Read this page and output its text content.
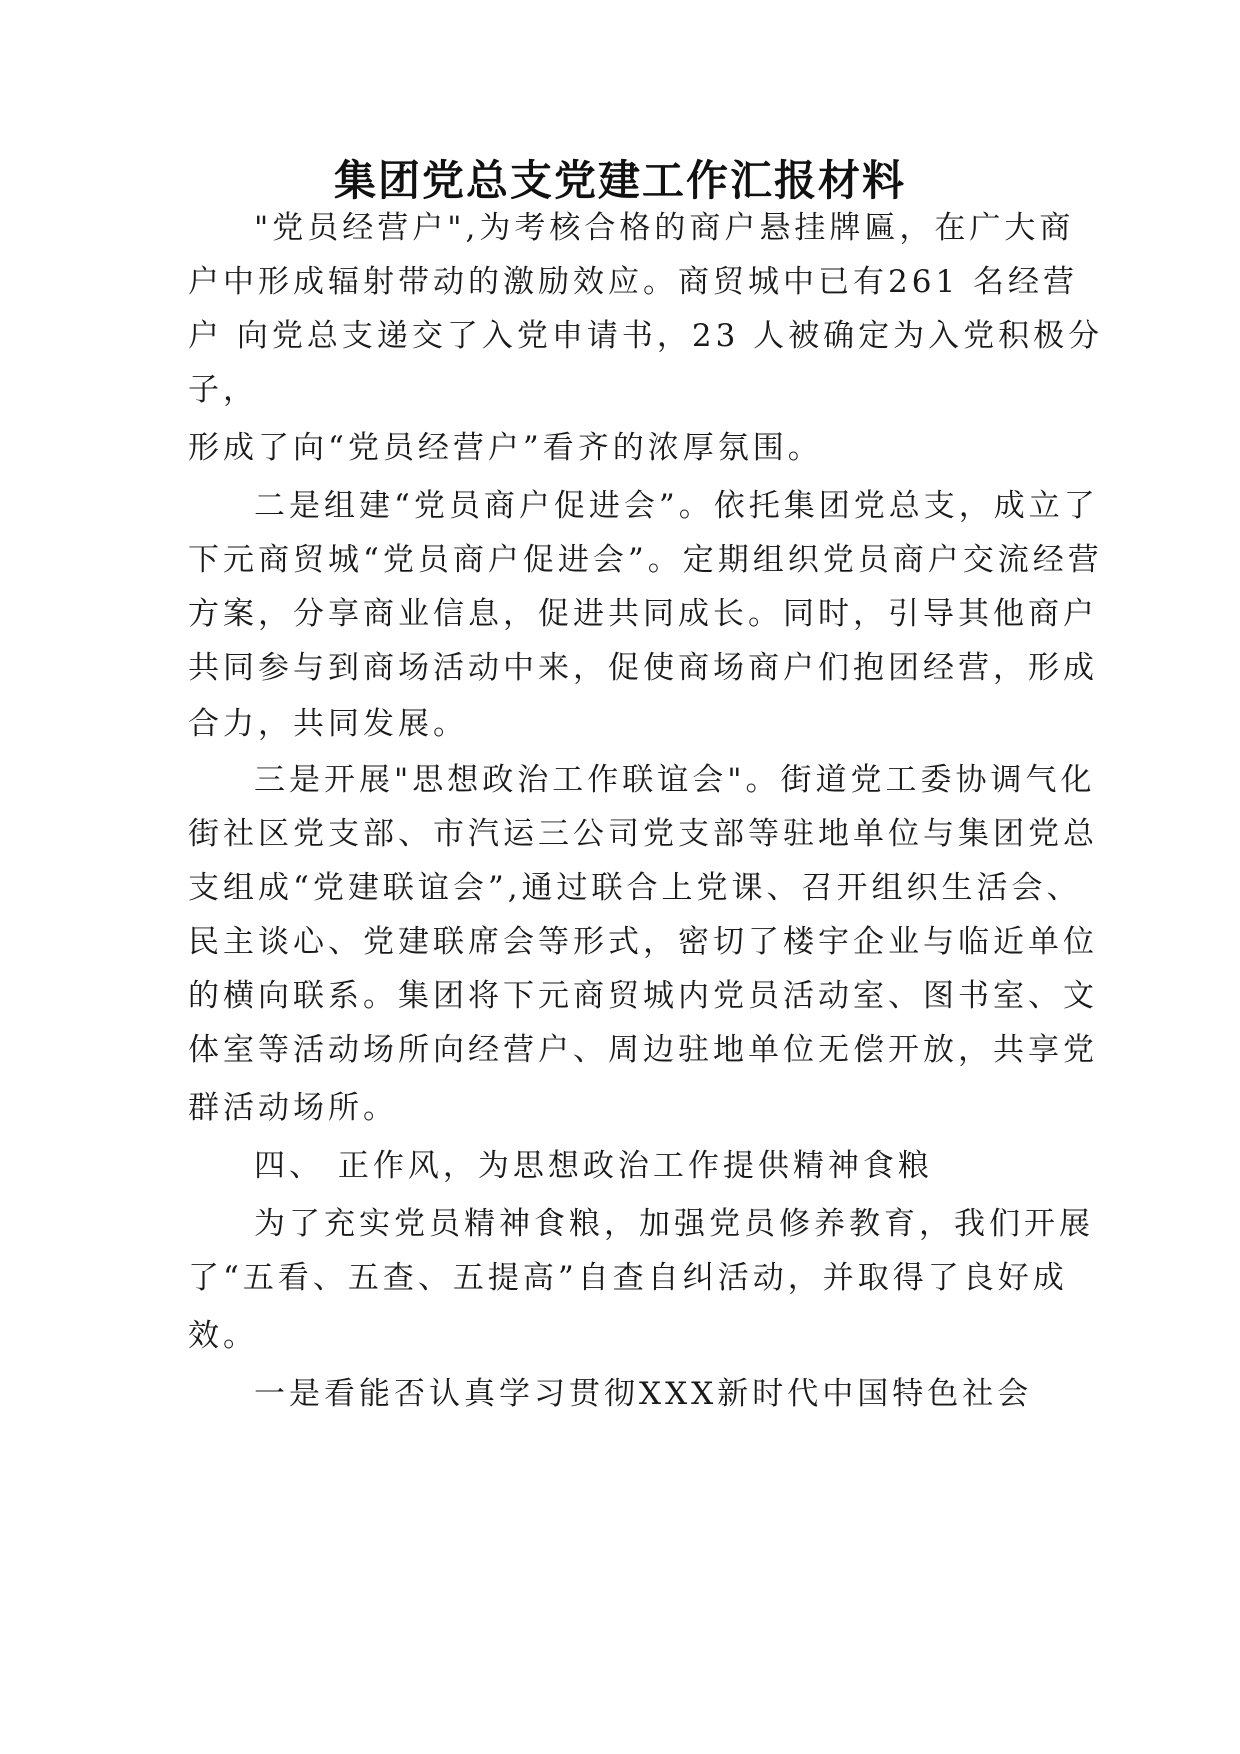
集团党总支党建工作汇报材料
"党员经营户",为考核合格的商户悬挂牌匾，在广大商
户中形成辐射带动的激励效应。商贸城中已有261 名经营
户 向党总支递交了入党申请书，23 人被确定为入党积极分
子，
形成了向“党员经营户”看齐的浓厚氛围。
二是组建“党员商户促进会”。依托集团党总支，成立了
下元商贸城“党员商户促进会”。定期组织党员商户交流经营
方案，分享商业信息，促进共同成长。同时，引导其他商户
共同参与到商场活动中来，促使商场商户们抱团经营，形成
合力，共同发展。
三是开展"思想政治工作联谊会"。街道党工委协调气化
街社区党支部、市汽运三公司党支部等驻地单位与集团党总
支组成“党建联谊会”,通过联合上党课、召开组织生活会、
民主谈心、党建联席会等形式，密切了楼宇企业与临近单位
的横向联系。集团将下元商贸城内党员活动室、图书室、文
体室等活动场所向经营户、周边驻地单位无偿开放，共享党
群活动场所。
四、 正作风，为思想政治工作提供精神食粮
为了充实党员精神食粮，加强党员修养教育，我们开展
了“五看、五查、五提高”自查自纠活动，并取得了良好成
效。
一是看能否认真学习贯彻XXX新时代中国特色社会
